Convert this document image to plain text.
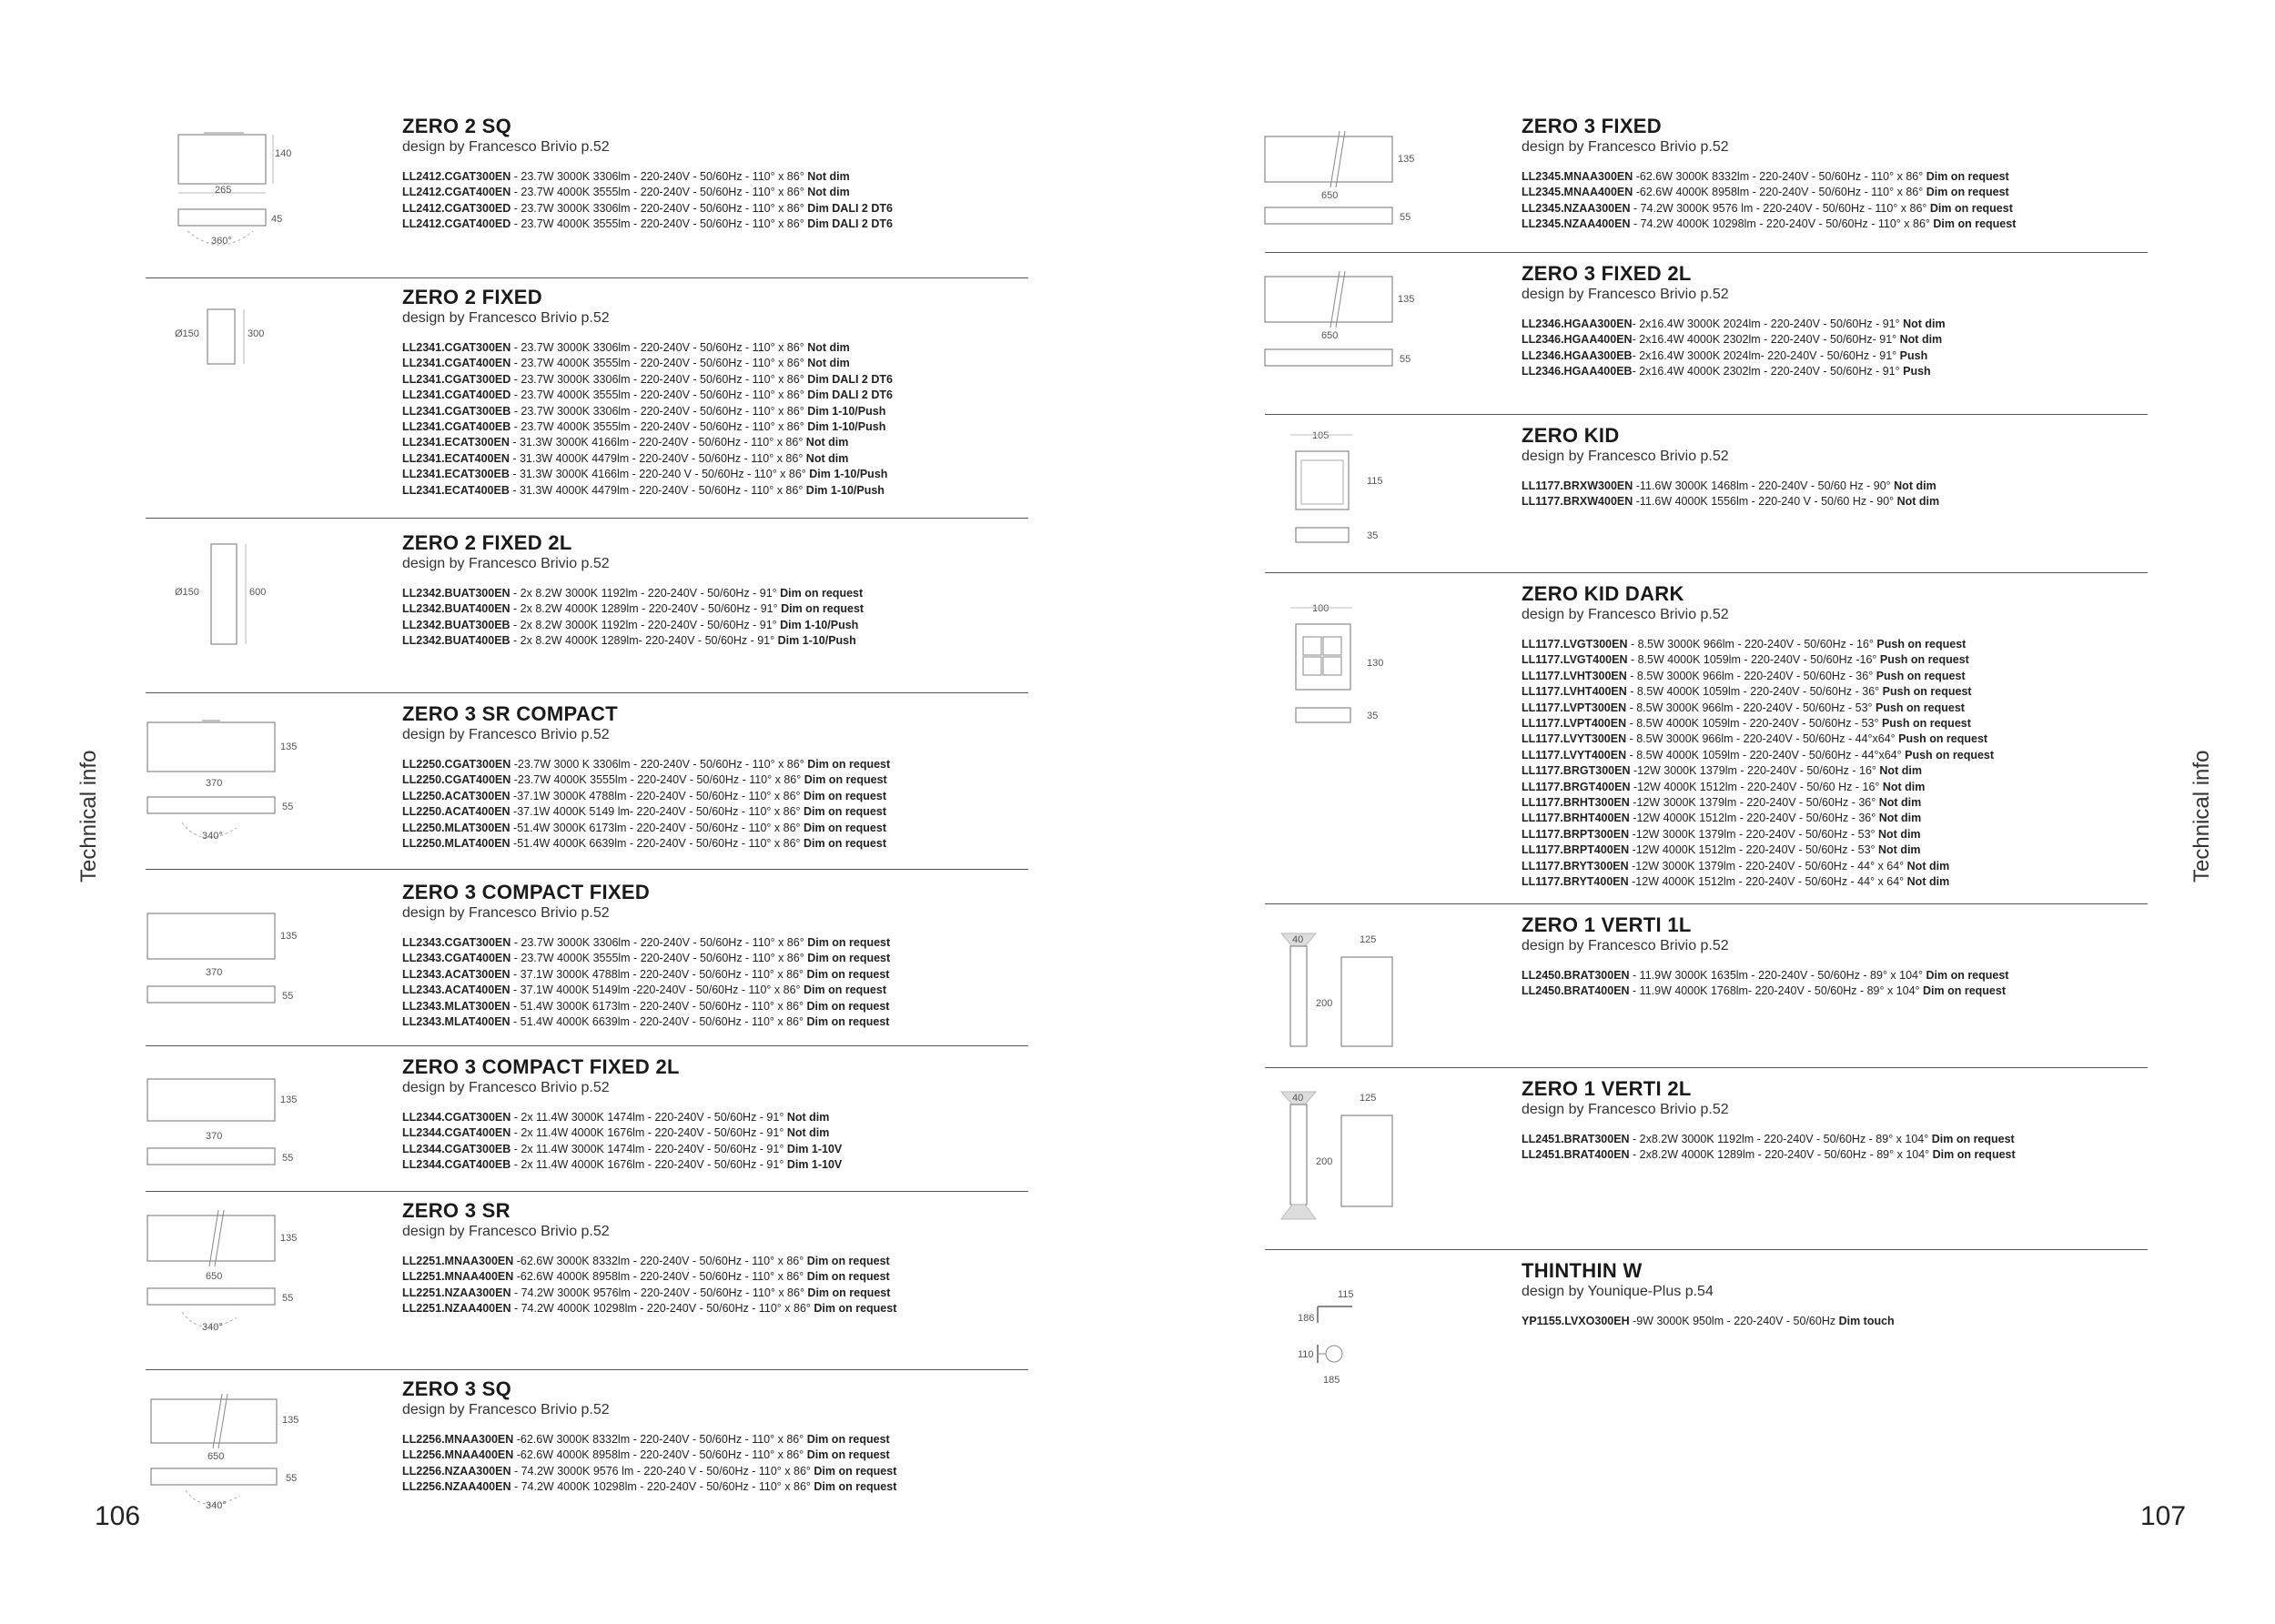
Technical info	Technical info
106	107
140
265
45
360°
ZERO 2 SQ
design by Francesco Brivio p.52
LL2412.CGAT300EN - 23.7W 3000K 3306lm - 220-240V - 50/60Hz - 110° x 86° Not dim
LL2412.CGAT400EN - 23.7W 4000K 3555lm - 220-240V - 50/60Hz - 110° x 86° Not dim
LL2412.CGAT300ED - 23.7W 3000K 3306lm - 220-240V - 50/60Hz - 110° x 86° Dim DALI 2 DT6
LL2412.CGAT400ED - 23.7W 4000K 3555lm - 220-240V - 50/60Hz - 110° x 86° Dim DALI 2 DT6
Ø150	300
ZERO 2 FIXED
design by Francesco Brivio p.52
LL2341.CGAT300EN - 23.7W 3000K 3306lm - 220-240V - 50/60Hz - 110° x 86° Not dim
LL2341.CGAT400EN - 23.7W 4000K 3555lm - 220-240V - 50/60Hz - 110° x 86° Not dim
LL2341.CGAT300ED - 23.7W 3000K 3306lm - 220-240V - 50/60Hz - 110° x 86° Dim DALI 2 DT6
LL2341.CGAT400ED - 23.7W 4000K 3555lm - 220-240V - 50/60Hz - 110° x 86° Dim DALI 2 DT6
LL2341.CGAT300EB - 23.7W 3000K 3306lm - 220-240V - 50/60Hz - 110° x 86° Dim 1-10/Push
LL2341.CGAT400EB - 23.7W 4000K 3555lm - 220-240V - 50/60Hz - 110° x 86° Dim 1-10/Push
LL2341.ECAT300EN - 31.3W 3000K 4166lm - 220-240V - 50/60Hz - 110° x 86° Not dim
LL2341.ECAT400EN - 31.3W 4000K 4479lm - 220-240V - 50/60Hz - 110° x 86° Not dim
LL2341.ECAT300EB - 31.3W 3000K 4166lm - 220-240 V - 50/60Hz - 110° x 86° Dim 1-10/Push
LL2341.ECAT400EB - 31.3W 4000K 4479lm - 220-240V - 50/60Hz - 110° x 86° Dim 1-10/Push
Ø150	600
ZERO 2 FIXED 2L
design by Francesco Brivio p.52
LL2342.BUAT300EN - 2x 8.2W 3000K 1192lm - 220-240V - 50/60Hz - 91° Dim on request
LL2342.BUAT400EN - 2x 8.2W 4000K 1289lm - 220-240V - 50/60Hz - 91° Dim on request
LL2342.BUAT300EB - 2x 8.2W 3000K 1192lm - 220-240V - 50/60Hz - 91° Dim 1-10/Push
LL2342.BUAT400EB - 2x 8.2W 4000K 1289lm- 220-240V - 50/60Hz - 91° Dim 1-10/Push
135
370
55
340°
ZERO 3 SR COMPACT
design by Francesco Brivio p.52
LL2250.CGAT300EN -23.7W 3000 K 3306lm - 220-240V - 50/60Hz - 110° x 86° Dim on request
LL2250.CGAT400EN -23.7W 4000K 3555lm - 220-240V - 50/60Hz - 110° x 86° Dim on request
LL2250.ACAT300EN -37.1W 3000K 4788lm - 220-240V - 50/60Hz - 110° x 86° Dim on request
LL2250.ACAT400EN -37.1W 4000K 5149 lm- 220-240V - 50/60Hz - 110° x 86° Dim on request
LL2250.MLAT300EN -51.4W 3000K 6173lm - 220-240V - 50/60Hz - 110° x 86° Dim on request
LL2250.MLAT400EN -51.4W 4000K 6639lm - 220-240V - 50/60Hz - 110° x 86° Dim on request
135
370
55
ZERO 3 COMPACT FIXED
design by Francesco Brivio p.52
LL2343.CGAT300EN - 23.7W 3000K 3306lm - 220-240V - 50/60Hz - 110° x 86° Dim on request
LL2343.CGAT400EN - 23.7W 4000K 3555lm - 220-240V - 50/60Hz - 110° x 86° Dim on request
LL2343.ACAT300EN - 37.1W 3000K 4788lm - 220-240V - 50/60Hz - 110° x 86° Dim on request
LL2343.ACAT400EN - 37.1W 4000K 5149lm -220-240V - 50/60Hz - 110° x 86° Dim on request
LL2343.MLAT300EN - 51.4W 3000K 6173lm - 220-240V - 50/60Hz - 110° x 86° Dim on request
LL2343.MLAT400EN - 51.4W 4000K 6639lm - 220-240V - 50/60Hz - 110° x 86° Dim on request
135
370
55
ZERO 3 COMPACT FIXED 2L
design by Francesco Brivio p.52
LL2344.CGAT300EN - 2x 11.4W 3000K 1474lm - 220-240V - 50/60Hz - 91° Not dim
LL2344.CGAT400EN - 2x 11.4W 4000K 1676lm - 220-240V - 50/60Hz - 91° Not dim
LL2344.CGAT300EB - 2x 11.4W 3000K 1474lm - 220-240V - 50/60Hz - 91° Dim 1-10V
LL2344.CGAT400EB - 2x 11.4W 4000K 1676lm - 220-240V - 50/60Hz - 91° Dim 1-10V
135
650
55
340°
ZERO 3 SR
design by Francesco Brivio p.52
LL2251.MNAA300EN -62.6W 3000K 8332lm - 220-240V - 50/60Hz - 110° x 86° Dim on request
LL2251.MNAA400EN -62.6W 4000K 8958lm - 220-240V - 50/60Hz - 110° x 86° Dim on request
LL2251.NZAA300EN - 74.2W 3000K 9576lm - 220-240V - 50/60Hz - 110° x 86° Dim on request
LL2251.NZAA400EN - 74.2W 4000K 10298lm - 220-240V - 50/60Hz - 110° x 86° Dim on request
135
650
55
340°
ZERO 3 SQ
design by Francesco Brivio p.52
LL2256.MNAA300EN -62.6W 3000K 8332lm - 220-240V - 50/60Hz - 110° x 86° Dim on request
LL2256.MNAA400EN -62.6W 4000K 8958lm - 220-240V - 50/60Hz - 110° x 86° Dim on request
LL2256.NZAA300EN - 74.2W 3000K 9576 lm - 220-240 V - 50/60Hz - 110° x 86° Dim on request
LL2256.NZAA400EN - 74.2W 4000K 10298lm - 220-240V - 50/60Hz - 110° x 86° Dim on request
135
650
55
ZERO 3 FIXED
design by Francesco Brivio p.52
LL2345.MNAA300EN -62.6W 3000K 8332lm - 220-240V - 50/60Hz - 110° x 86° Dim on request
LL2345.MNAA400EN -62.6W 4000K 8958lm - 220-240V - 50/60Hz - 110° x 86° Dim on request
LL2345.NZAA300EN - 74.2W 3000K 9576 lm - 220-240V - 50/60Hz - 110° x 86° Dim on request
LL2345.NZAA400EN - 74.2W 4000K 10298lm - 220-240V - 50/60Hz - 110° x 86° Dim on request
135
650
55
ZERO 3 FIXED 2L
design by Francesco Brivio p.52
LL2346.HGAA300EN- 2x16.4W 3000K 2024lm - 220-240V - 50/60Hz - 91° Not dim
LL2346.HGAA400EN- 2x16.4W 4000K 2302lm - 220-240V - 50/60Hz- 91° Not dim
LL2346.HGAA300EB- 2x16.4W 3000K 2024lm- 220-240V - 50/60Hz - 91° Push
LL2346.HGAA400EB- 2x16.4W 4000K 2302lm - 220-240V - 50/60Hz - 91° Push
105
115
35
ZERO KID
design by Francesco Brivio p.52
LL1177.BRXW300EN -11.6W 3000K 1468lm - 220-240V - 50/60 Hz - 90° Not dim
LL1177.BRXW400EN -11.6W 4000K 1556lm - 220-240 V - 50/60 Hz - 90° Not dim
100
130
35
ZERO KID DARK
design by Francesco Brivio p.52
LL1177.LVGT300EN - 8.5W 3000K 966lm - 220-240V - 50/60Hz - 16° Push on request
LL1177.LVGT400EN - 8.5W 4000K 1059lm - 220-240V - 50/60Hz -16° Push on request
LL1177.LVHT300EN - 8.5W 3000K 966lm - 220-240V - 50/60Hz - 36° Push on request
LL1177.LVHT400EN - 8.5W 4000K 1059lm - 220-240V - 50/60Hz - 36° Push on request
LL1177.LVPT300EN - 8.5W 3000K 966lm - 220-240V - 50/60Hz - 53° Push on request
LL1177.LVPT400EN - 8.5W 4000K 1059lm - 220-240V - 50/60Hz - 53° Push on request
LL1177.LVYT300EN - 8.5W 3000K 966lm - 220-240V - 50/60Hz - 44°x64° Push on request
LL1177.LVYT400EN - 8.5W 4000K 1059lm - 220-240V - 50/60Hz - 44°x64° Push on request
LL1177.BRGT300EN -12W 3000K 1379lm - 220-240V - 50/60Hz - 16° Not dim
LL1177.BRGT400EN -12W 4000K 1512lm - 220-240V - 50/60 Hz - 16° Not dim
LL1177.BRHT300EN -12W 3000K 1379lm - 220-240V - 50/60Hz - 36° Not dim
LL1177.BRHT400EN -12W 4000K 1512lm - 220-240V - 50/60Hz - 36° Not dim
LL1177.BRPT300EN -12W 3000K 1379lm - 220-240V - 50/60Hz - 53° Not dim
LL1177.BRPT400EN -12W 4000K 1512lm - 220-240V - 50/60Hz - 53° Not dim
LL1177.BRYT300EN -12W 3000K 1379lm - 220-240V - 50/60Hz - 44° x 64° Not dim
LL1177.BRYT400EN -12W 4000K 1512lm - 220-240V - 50/60Hz - 44° x 64° Not dim
40	125
200
ZERO 1 VERTI 1L
design by Francesco Brivio p.52
LL2450.BRAT300EN - 11.9W 3000K 1635lm - 220-240V - 50/60Hz - 89° x 104° Dim on request
LL2450.BRAT400EN - 11.9W 4000K 1768lm- 220-240V - 50/60Hz - 89° x 104° Dim on request
40	125
200
ZERO 1 VERTI 2L
design by Francesco Brivio p.52
LL2451.BRAT300EN - 2x8.2W 3000K 1192lm - 220-240V - 50/60Hz - 89° x 104° Dim on request
LL2451.BRAT400EN - 2x8.2W 4000K 1289lm - 220-240V - 50/60Hz - 89° x 104° Dim on request
115
186
110
185
THINTHIN W
design by Younique-Plus p.54
YP1155.LVXO300EH -9W 3000K 950lm - 220-240V - 50/60Hz Dim touch
